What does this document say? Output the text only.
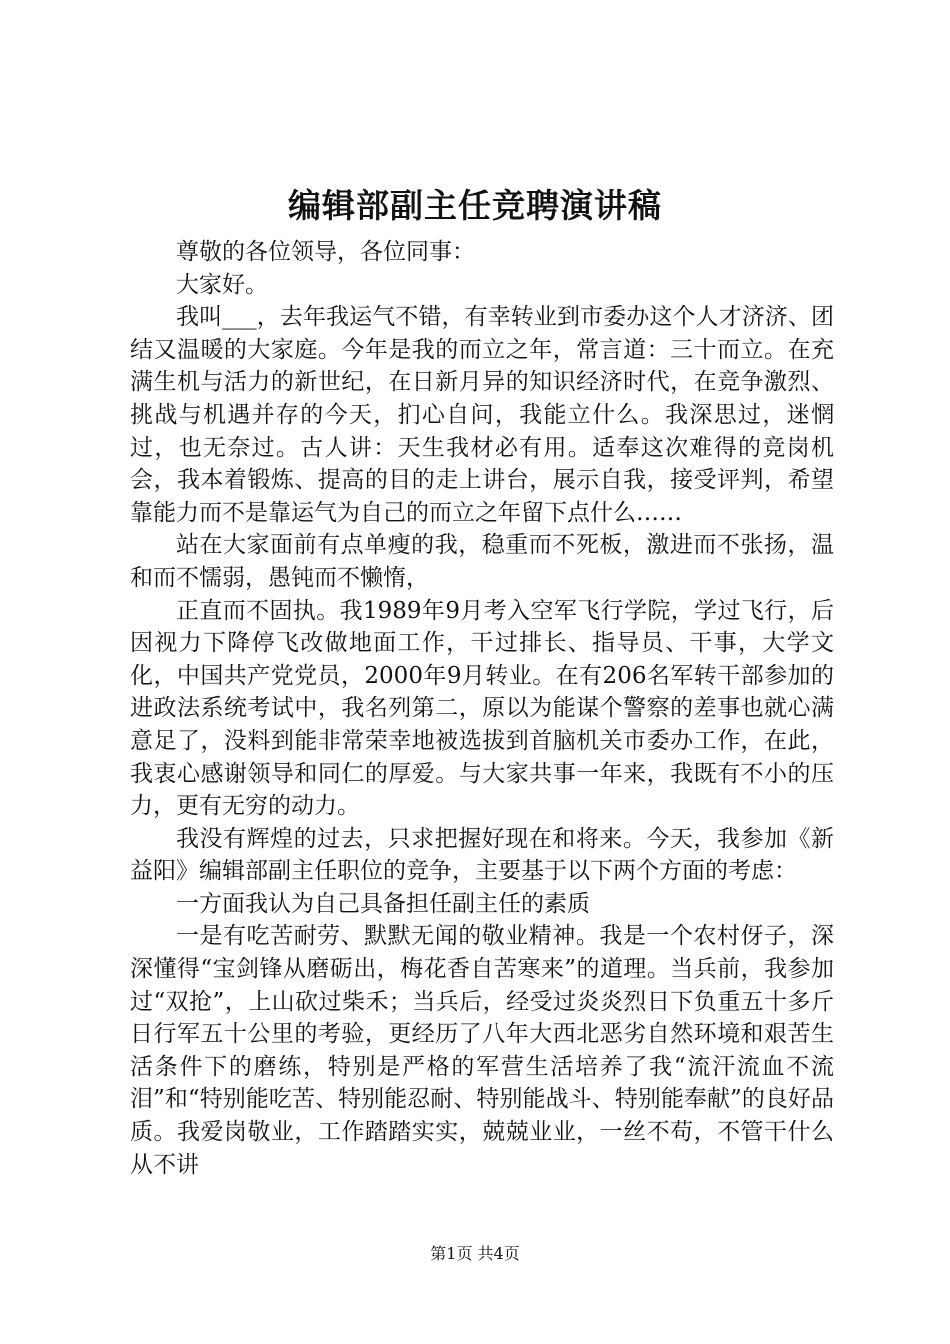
编辑部副主任竞聘演讲稿

尊敬的各位领导，各位同事：

大家好。

我叫___，去年我运气不错，有幸转业到市委办这个人才济济、团结又温暖的大家庭。今年是我的而立之年，常言道：三十而立。在充满生机与活力的新世纪，在日新月异的知识经济时代，在竞争激烈、挑战与机遇并存的今天，扪心自问，我能立什么。我深思过，迷惘过，也无奈过。古人讲：天生我材必有用。适奉这次难得的竞岗机会，我本着锻炼、提高的目的走上讲台，展示自我，接受评判，希望靠能力而不是靠运气为自己的而立之年留下点什么……

站在大家面前有点单瘦的我，稳重而不死板，激进而不张扬，温和而不懦弱，愚钝而不懒惰，

正直而不固执。我1989年9月考入空军飞行学院，学过飞行，后因视力下降停飞改做地面工作，干过排长、指导员、干事，大学文化，中国共产党党员，2000年9月转业。在有206名军转干部参加的进政法系统考试中，我名列第二，原以为能谋个警察的差事也就心满意足了，没料到能非常荣幸地被选拔到首脑机关市委办工作，在此，我衷心感谢领导和同仁的厚爱。与大家共事一年来，我既有不小的压力，更有无穷的动力。

我没有辉煌的过去，只求把握好现在和将来。今天，我参加《新益阳》编辑部副主任职位的竞争，主要基于以下两个方面的考虑：

一方面我认为自己具备担任副主任的素质

一是有吃苦耐劳、默默无闻的敬业精神。我是一个农村伢子，深深懂得“宝剑锋从磨砺出，梅花香自苦寒来”的道理。当兵前，我参加过“双抢”，上山砍过柴禾；当兵后，经受过炎炎烈日下负重五十多斤日行军五十公里的考验，更经历了八年大西北恶劣自然环境和艰苦生活条件下的磨练，特别是严格的军营生活培养了我“流汗流血不流泪”和“特别能吃苦、特别能忍耐、特别能战斗、特别能奉献”的良好品质。我爱岗敬业，工作踏踏实实，兢兢业业，一丝不苟，不管干什么从不讲

第1页 共4页
